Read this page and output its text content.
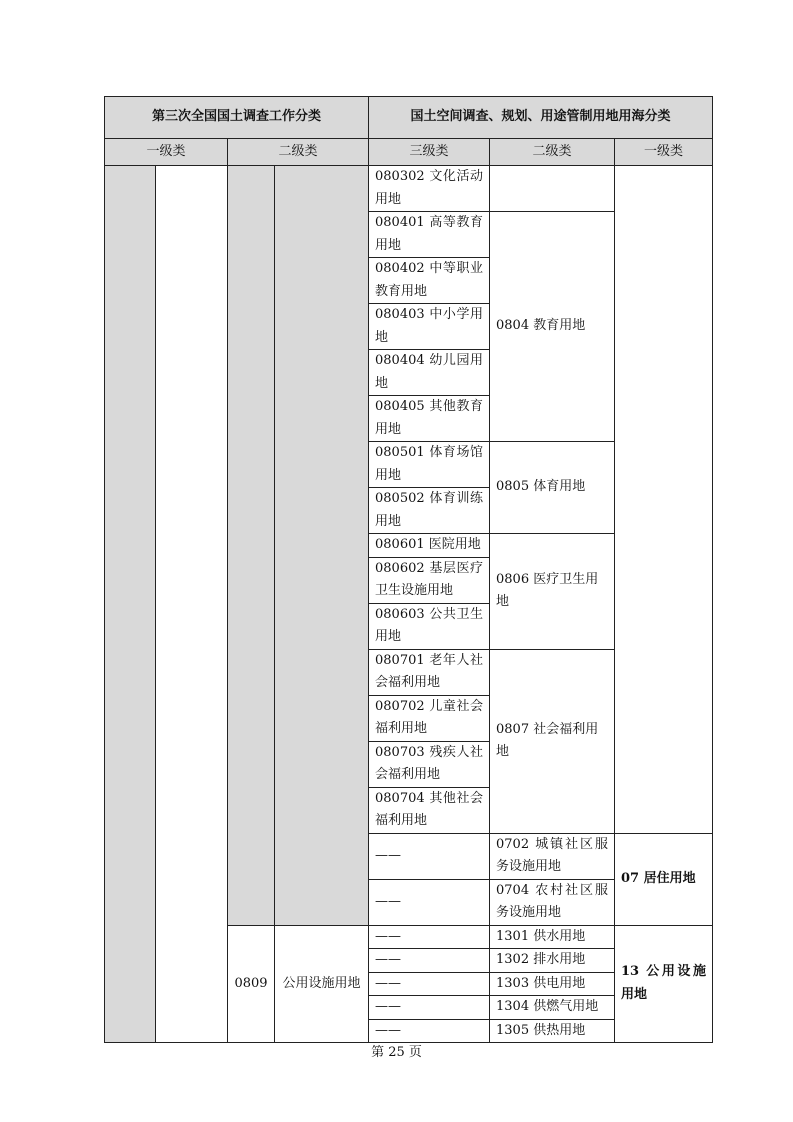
第三次全国国土调查工作分类				国土空间调查、规划、用途管制用地用海分类		
一级类		二级类		三级类	二级类	一级类
				080302 文化活动用地		
				080401 高等教育用地	0804 教育用地	
				080402 中等职业教育用地		
				080403 中小学用地		
				080404 幼儿园用地		
				080405 其他教育用地		
				080501 体育场馆用地	0805 体育用地	
				080502 体育训练用地		
				080601 医院用地	0806 医疗卫生用地	
				080602 基层医疗卫生设施用地		
				080603 公共卫生用地		
				080701 老年人社会福利用地	0807 社会福利用地	
				080702 儿童社会福利用地		
				080703 残疾人社会福利用地		
				080704 其他社会福利用地		
				——	0702 城镇社区服务设施用地	07 居住用地
				——	0704 农村社区服务设施用地	
		0809	公用设施用地	——	1301 供水用地	13 公用设施用地
				——	1302 排水用地	
				——	1303 供电用地	
				——	1304 供燃气用地	
				——	1305 供热用地	
第 25 页
